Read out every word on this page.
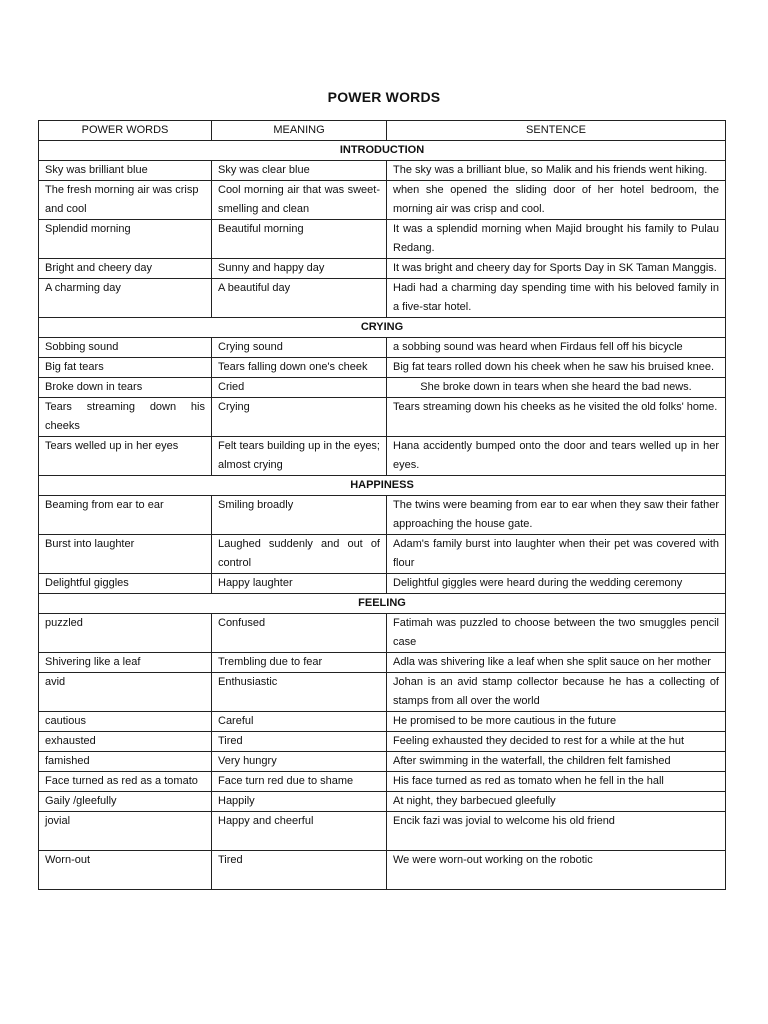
POWER WORDS
POWER WORDS	MEANING	SENTENCE
INTRODUCTION		
Sky was brilliant blue	Sky was clear blue	The sky was a brilliant blue, so Malik and his friends went hiking.
The fresh morning air was crisp and cool	Cool morning air that was sweet-smelling and clean	when she opened the sliding door of her hotel bedroom, the morning air was crisp and cool.
Splendid morning	Beautiful morning	It was a splendid morning when Majid brought his family to Pulau Redang.
Bright and cheery day	Sunny and happy day	It was bright and cheery day for Sports Day in SK Taman Manggis.
A charming day	A beautiful day	Hadi had a charming day spending time with his beloved family in a five-star hotel.
CRYING		
Sobbing sound	Crying sound	a sobbing sound was heard when Firdaus fell off his bicycle
Big fat tears	Tears falling down one's cheek	Big fat tears rolled down his cheek when he saw his bruised knee.
Broke down in tears	Cried	She broke down in tears when she heard the bad news.
Tears streaming down his cheeks	Crying	Tears streaming down his cheeks as he visited the old folks' home.
Tears welled up in her eyes	Felt tears building up in the eyes; almost crying	Hana accidently bumped onto the door and tears welled up in her eyes.
HAPPINESS		
Beaming from ear to ear	Smiling broadly	The twins were beaming from ear to ear when they saw their father approaching the house gate.
Burst into laughter	Laughed suddenly and out of control	Adam's family burst into laughter when their pet was covered with flour
Delightful giggles	Happy laughter	Delightful giggles were heard during the wedding ceremony
FEELING		
puzzled	Confused	Fatimah was puzzled to choose between the two smuggles pencil case
Shivering like a leaf	Trembling due to fear	Adla was shivering like a leaf when she split sauce on her mother
avid	Enthusiastic	Johan is an avid stamp collector because he has a collecting of stamps from all over the world
cautious	Careful	He promised to be more cautious in the future
exhausted	Tired	Feeling exhausted they decided to rest for a while at the hut
famished	Very hungry	After swimming in the waterfall, the children felt famished
Face turned as red as a tomato	Face turn red due to shame	His face turned as red as tomato when he fell in the hall
Gaily /gleefully	Happily	At night, they barbecued gleefully
jovial	Happy and cheerful	Encik fazi was jovial to welcome his old friend
Worn-out	Tired	We were worn-out working on the robotic
